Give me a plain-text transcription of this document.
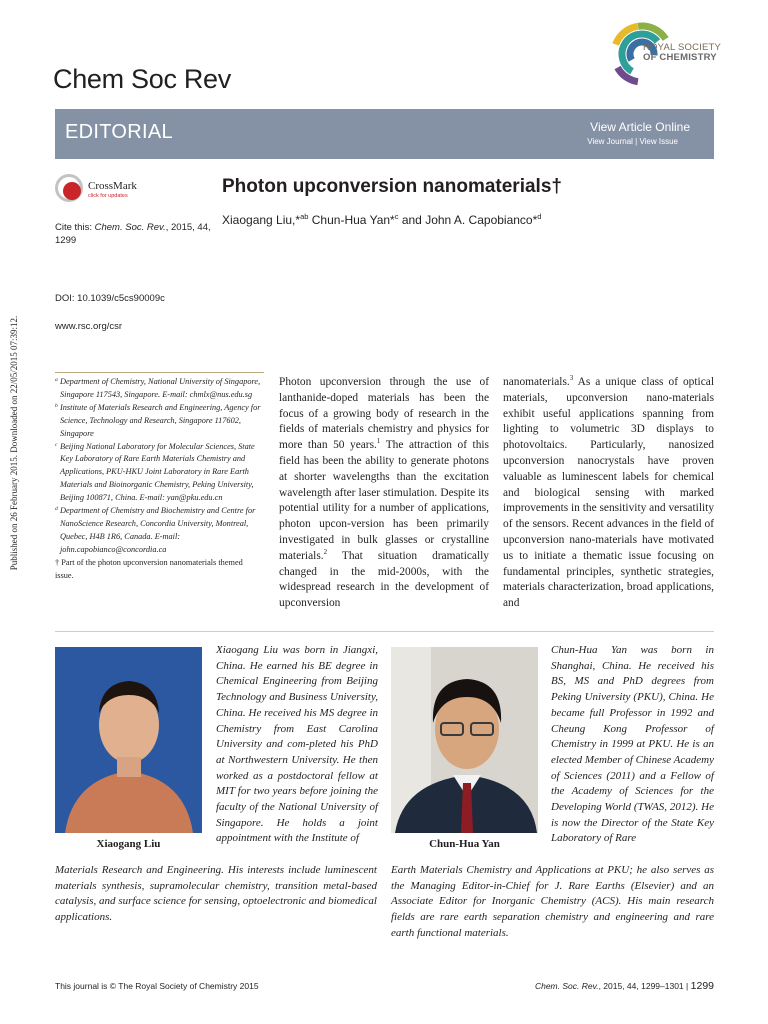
Chem Soc Rev
ROYAL SOCIETY
OF CHEMISTRY
EDITORIAL	View Article Online
View Journal | View Issue
CrossMark
click for updates	Photon upconversion nanomaterials†
Xiaogang Liu,*$^{ab}$ Chun-Hua Yan*$^c$ and John A. Capobianco*$^d$
Cite this: Chem. Soc. Rev., 2015, 44, 1299
DOI: 10.1039/c5cs90009c
www.rsc.org/csr
Published on 26 February 2015. Downloaded on 22/05/2015 07:39:12.	a Department of Chemistry, National University of Singapore, Singapore 117543, Singapore. E-mail: chmlx@nus.edu.sg
b Institute of Materials Research and Engineering, Agency for Science, Technology and Research, Singapore 117602, Singapore
c Beijing National Laboratory for Molecular Sciences, State Key Laboratory of Rare Earth Materials Chemistry and Applications, PKU-HKU Joint Laboratory in Rare Earth Materials and Bioinorganic Chemistry, Peking University, Beijing 100871, China. E-mail: yan@pku.edu.cn
d Department of Chemistry and Biochemistry and Centre for NanoScience Research, Concordia University, Montreal, Quebec, H4B 1R6, Canada. E-mail: john.capobianco@concordia.ca
† Part of the photon upconversion nanomaterials themed issue.
Photon upconversion through the use of lanthanide-doped materials has been the focus of a growing body of research in the fields of materials chemistry and physics for more than 50 years.$^1$ The attraction of this field has been the ability to generate photons at shorter wavelengths than the excitation wavelength after laser stimulation. Despite its potential utility for a number of applications, photon upcon-version has been primarily investigated in bulk glasses or crystalline materials.$^2$ That situation dramatically changed in the mid-2000s, with the widespread research in the development of upconversion
nanomaterials.$^3$ As a unique class of optical materials, upconversion nano-materials exhibit useful applications spanning from lighting to volumetric 3D displays to photovoltaics. Particularly, nanosized upconversion nanocrystals have proven valuable as luminescent labels for chemical and biological sensing with marked improvements in the sensitivity and versatility of the sensors. Recent advances in the field of upconversion nano-materials have motivated us to initiate a thematic issue focusing on fundamental principles, synthetic strategies, materials characterization, broad applications, and
Xiaogang Liu	Chun-Hua Yan
Xiaogang Liu was born in Jiangxi, China. He earned his BE degree in Chemical Engineering from Beijing Technology and Business University, China. He received his MS degree in Chemistry from East Carolina University and com-pleted his PhD at Northwestern University. He then worked as a postdoctoral fellow at MIT for two years before joining the faculty of the National University of Singapore. He holds a joint appointment with the Institute of
Materials Research and Engineering. His interests include luminescent materials synthesis, supramolecular chemistry, transition metal-based catalysis, and surface science for sensing, optoelectronic and biomedical applications.
Chun-Hua Yan was born in Shanghai, China. He received his BS, MS and PhD degrees from Peking University (PKU), China. He became full Professor in 1992 and Cheung Kong Professor of Chemistry in 1999 at PKU. He is an elected Member of Chinese Academy of Sciences (2011) and a Fellow of the Academy of Sciences for the Developing World (TWAS, 2012). He is now the Director of the State Key Laboratory of Rare
Earth Materials Chemistry and Applications at PKU; he also serves as the Managing Editor-in-Chief for J. Rare Earths (Elsevier) and an Associate Editor for Inorganic Chemistry (ACS). His main research fields are rare earth separation chemistry and engineering and rare earth functional materials.
This journal is © The Royal Society of Chemistry 2015	Chem. Soc. Rev., 2015, 44, 1299–1301 | 1299
